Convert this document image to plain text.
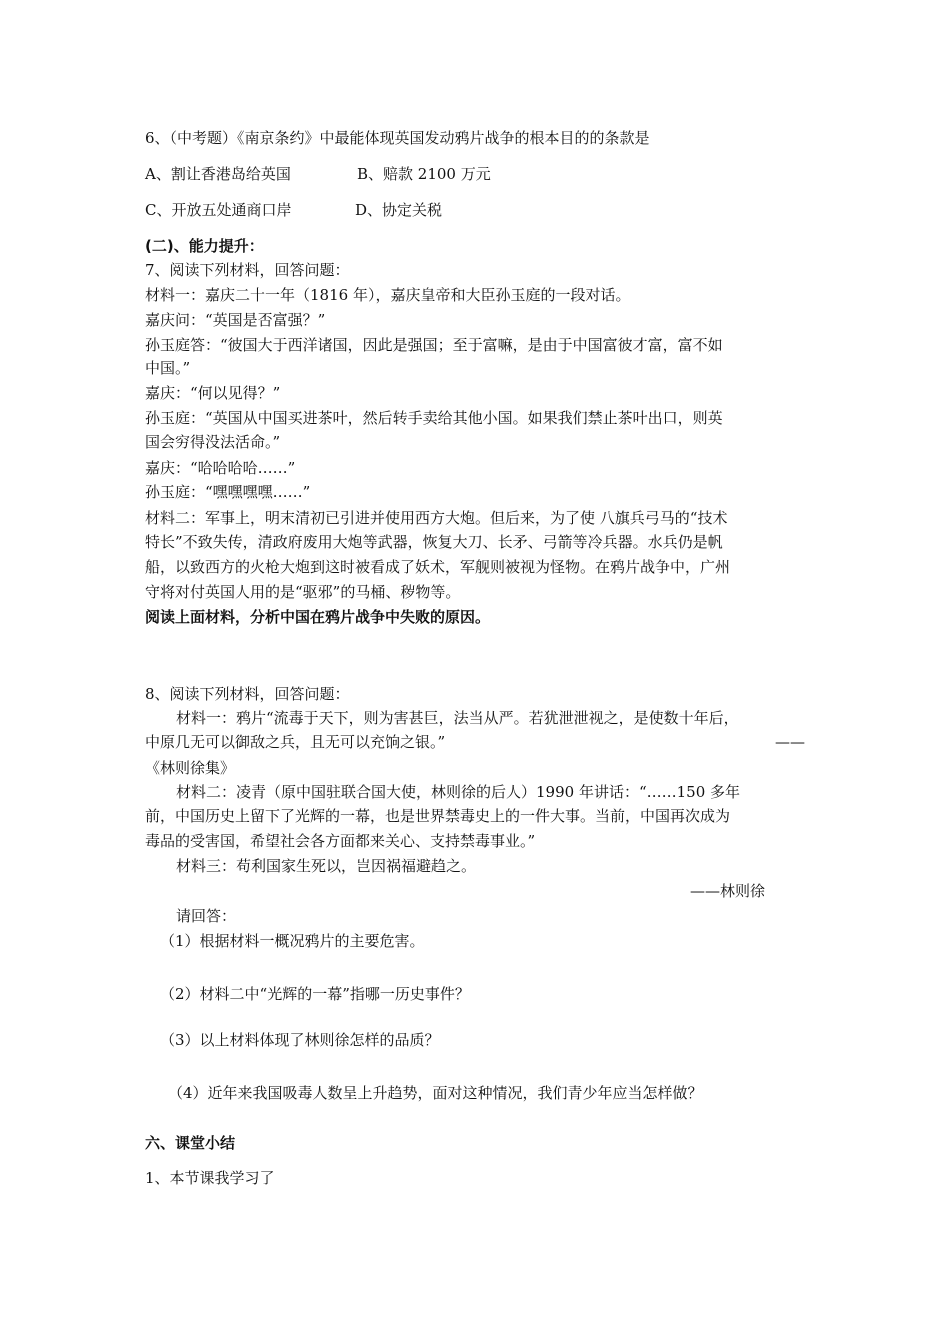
6、（中考题）《南京条约》中最能体现英国发动鸦片战争的根本目的的条款是
A、割让香港岛给英国	B、赔款 2100 万元
C、开放五处通商口岸	D、协定关税
(二)、能力提升：
7、阅读下列材料，回答问题：
材料一：嘉庆二十一年（1816 年），嘉庆皇帝和大臣孙玉庭的一段对话。
嘉庆问：“英国是否富强？”
孙玉庭答：“彼国大于西洋诸国，因此是强国；至于富嘛，是由于中国富彼才富，富不如
中国。”
嘉庆：“何以见得？”
孙玉庭：“英国从中国买进茶叶，然后转手卖给其他小国。如果我们禁止茶叶出口，则英
国会穷得没法活命。”
嘉庆：“哈哈哈哈……”
孙玉庭：“嘿嘿嘿嘿……”
材料二：军事上，明末清初已引进并使用西方大炮。但后来，为了使 八旗兵弓马的“技术
特长”不致失传，清政府废用大炮等武器，恢复大刀、长矛、弓箭等冷兵器。水兵仍是帆
船，以致西方的火枪大炮到这时被看成了妖术，军舰则被视为怪物。在鸦片战争中，广州
守将对付英国人用的是“驱邪”的马桶、秽物等。
阅读上面材料，分析中国在鸦片战争中失败的原因。
8、阅读下列材料，回答问题：
材料一：鸦片“流毒于天下，则为害甚巨，法当从严。若犹泄泄视之，是使数十年后，
中原几无可以御敌之兵，且无可以充饷之银。”	——
《林则徐集》
材料二：凌青（原中国驻联合国大使，林则徐的后人）1990 年讲话：“……150 多年
前，中国历史上留下了光辉的一幕，也是世界禁毒史上的一件大事。当前，中国再次成为
毒品的受害国，希望社会各方面都来关心、支持禁毒事业。”
材料三：苟利国家生死以，岂因祸福避趋之。
——林则徐
请回答：
（1）根据材料一概况鸦片的主要危害。
（2）材料二中“光辉的一幕”指哪一历史事件？
（3）以上材料体现了林则徐怎样的品质？
（4）近年来我国吸毒人数呈上升趋势，面对这种情况，我们青少年应当怎样做？
六、课堂小结
1、本节课我学习了
